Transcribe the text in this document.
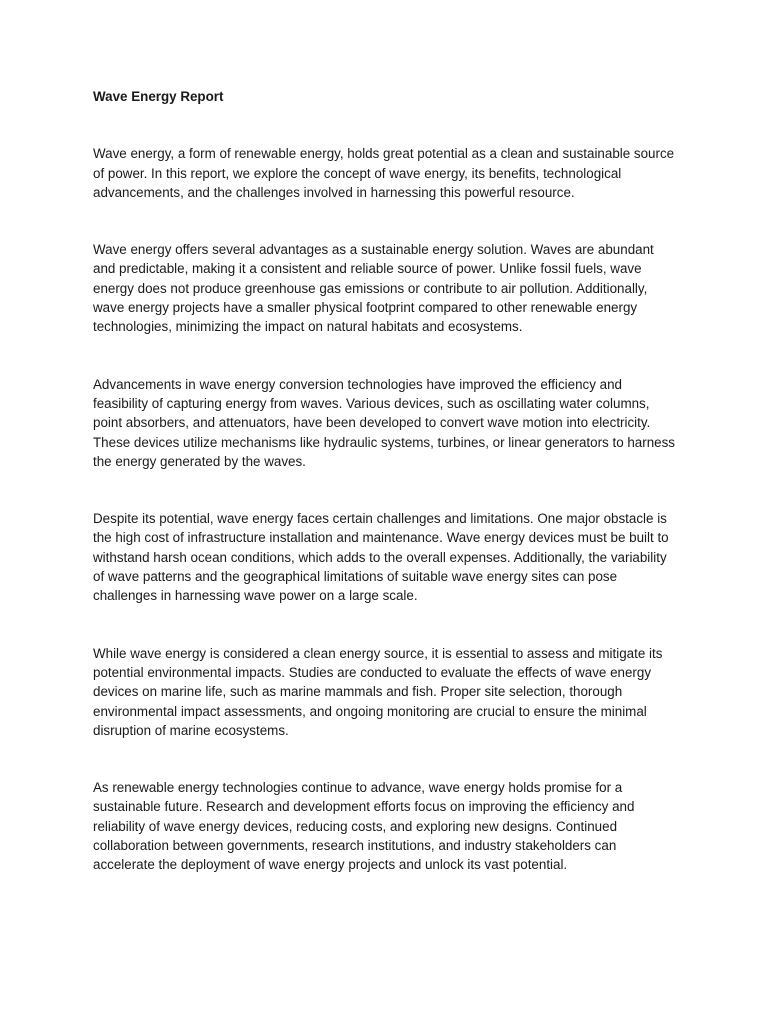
Wave Energy Report

Wave energy, a form of renewable energy, holds great potential as a clean and sustainable source of power. In this report, we explore the concept of wave energy, its benefits, technological advancements, and the challenges involved in harnessing this powerful resource.

Wave energy offers several advantages as a sustainable energy solution. Waves are abundant and predictable, making it a consistent and reliable source of power. Unlike fossil fuels, wave energy does not produce greenhouse gas emissions or contribute to air pollution. Additionally, wave energy projects have a smaller physical footprint compared to other renewable energy technologies, minimizing the impact on natural habitats and ecosystems.

Advancements in wave energy conversion technologies have improved the efficiency and feasibility of capturing energy from waves. Various devices, such as oscillating water columns, point absorbers, and attenuators, have been developed to convert wave motion into electricity. These devices utilize mechanisms like hydraulic systems, turbines, or linear generators to harness the energy generated by the waves.

Despite its potential, wave energy faces certain challenges and limitations. One major obstacle is the high cost of infrastructure installation and maintenance. Wave energy devices must be built to withstand harsh ocean conditions, which adds to the overall expenses. Additionally, the variability of wave patterns and the geographical limitations of suitable wave energy sites can pose challenges in harnessing wave power on a large scale.

While wave energy is considered a clean energy source, it is essential to assess and mitigate its potential environmental impacts. Studies are conducted to evaluate the effects of wave energy devices on marine life, such as marine mammals and fish. Proper site selection, thorough environmental impact assessments, and ongoing monitoring are crucial to ensure the minimal disruption of marine ecosystems.

As renewable energy technologies continue to advance, wave energy holds promise for a sustainable future. Research and development efforts focus on improving the efficiency and reliability of wave energy devices, reducing costs, and exploring new designs. Continued collaboration between governments, research institutions, and industry stakeholders can accelerate the deployment of wave energy projects and unlock its vast potential.
